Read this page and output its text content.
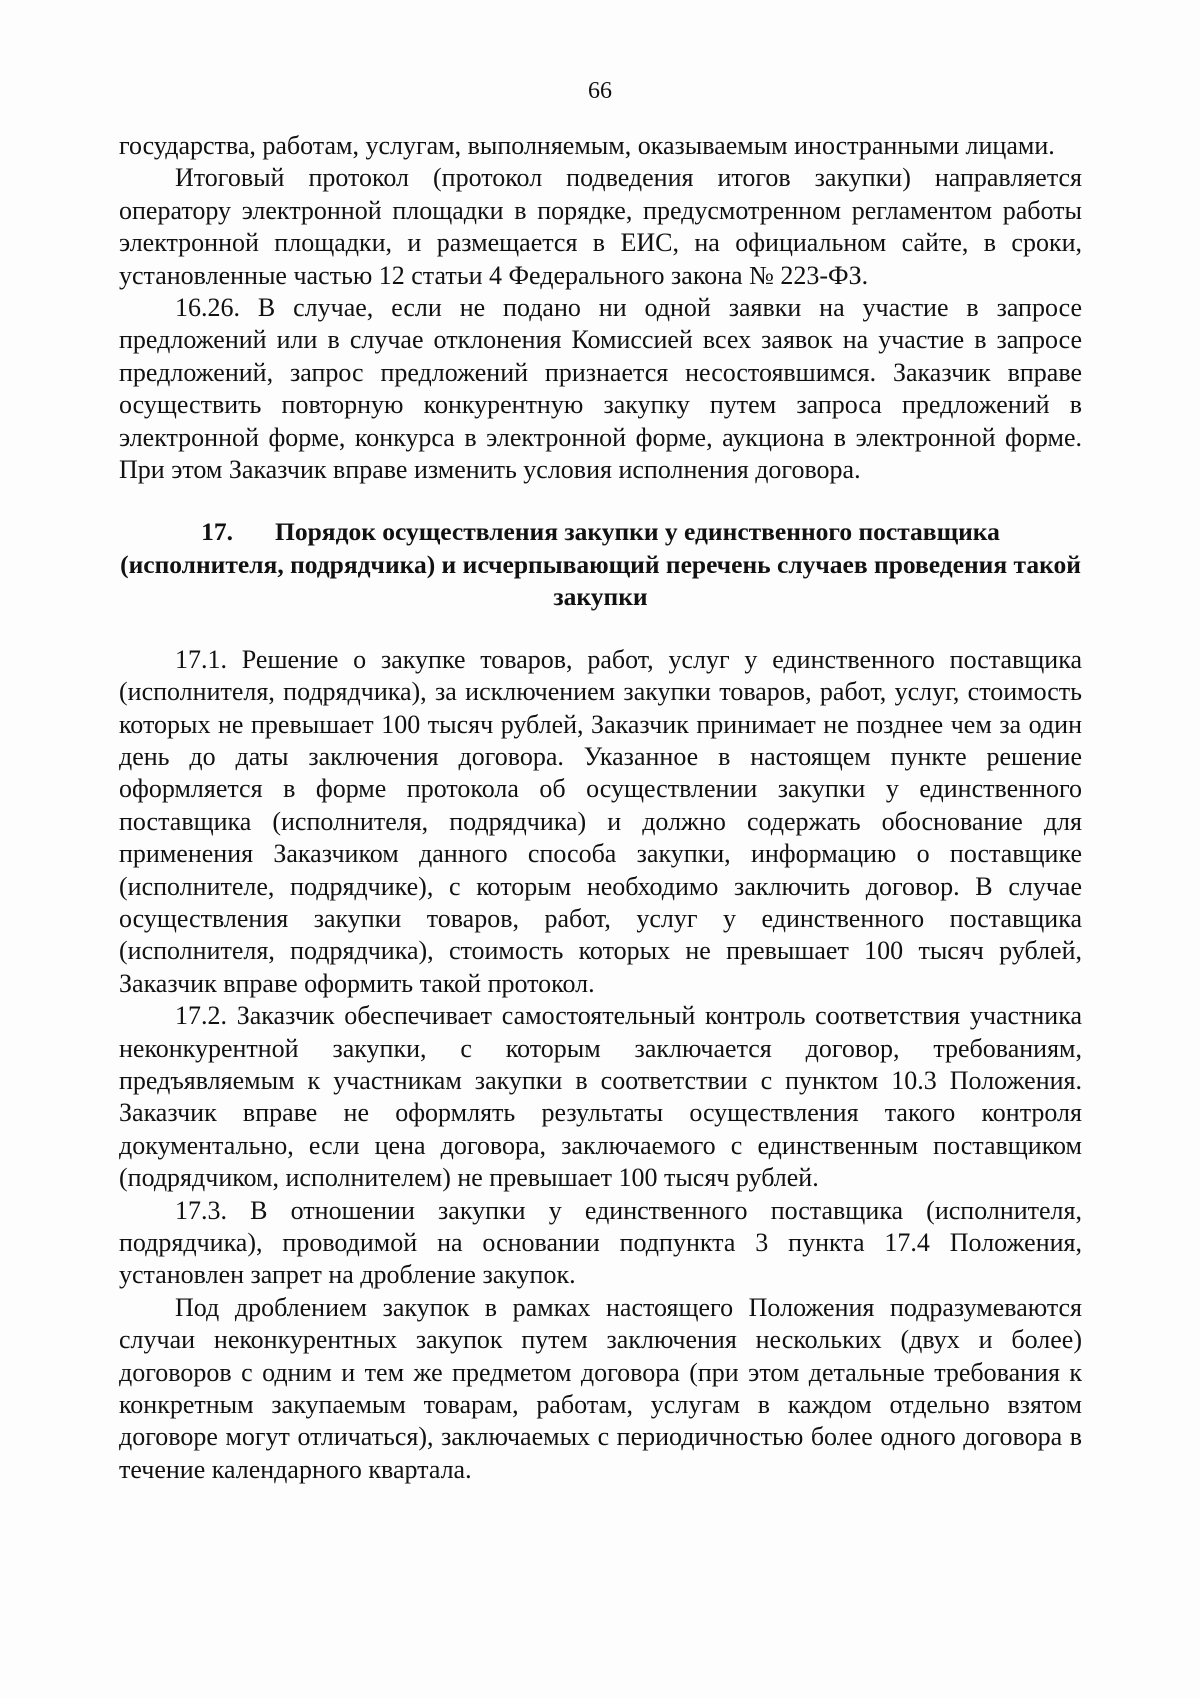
66

государства, работам, услугам, выполняемым, оказываемым иностранными лицами.

Итоговый протокол (протокол подведения итогов закупки) направляется оператору электронной площадки в порядке, предусмотренном регламентом работы электронной площадки, и размещается в ЕИС, на официальном сайте, в сроки, установленные частью 12 статьи 4 Федерального закона № 223-ФЗ.

16.26. В случае, если не подано ни одной заявки на участие в запросе предложений или в случае отклонения Комиссией всех заявок на участие в запросе предложений, запрос предложений признается несостоявшимся. Заказчик вправе осуществить повторную конкурентную закупку путем запроса предложений в электронной форме, конкурса в электронной форме, аукциона в электронной форме. При этом Заказчик вправе изменить условия исполнения договора.

17. Порядок осуществления закупки у единственного поставщика (исполнителя, подрядчика) и исчерпывающий перечень случаев проведения такой закупки

17.1. Решение о закупке товаров, работ, услуг у единственного поставщика (исполнителя, подрядчика), за исключением закупки товаров, работ, услуг, стоимость которых не превышает 100 тысяч рублей, Заказчик принимает не позднее чем за один день до даты заключения договора. Указанное в настоящем пункте решение оформляется в форме протокола об осуществлении закупки у единственного поставщика (исполнителя, подрядчика) и должно содержать обоснование для применения Заказчиком данного способа закупки, информацию о поставщике (исполнителе, подрядчике), с которым необходимо заключить договор. В случае осуществления закупки товаров, работ, услуг у единственного поставщика (исполнителя, подрядчика), стоимость которых не превышает 100 тысяч рублей, Заказчик вправе оформить такой протокол.

17.2. Заказчик обеспечивает самостоятельный контроль соответствия участника неконкурентной закупки, с которым заключается договор, требованиям, предъявляемым к участникам закупки в соответствии с пунктом 10.3 Положения. Заказчик вправе не оформлять результаты осуществления такого контроля документально, если цена договора, заключаемого с единственным поставщиком (подрядчиком, исполнителем) не превышает 100 тысяч рублей.

17.3. В отношении закупки у единственного поставщика (исполнителя, подрядчика), проводимой на основании подпункта 3 пункта 17.4 Положения, установлен запрет на дробление закупок.

Под дроблением закупок в рамках настоящего Положения подразумеваются случаи неконкурентных закупок путем заключения нескольких (двух и более) договоров с одним и тем же предметом договора (при этом детальные требования к конкретным закупаемым товарам, работам, услугам в каждом отдельно взятом договоре могут отличаться), заключаемых с периодичностью более одного договора в течение календарного квартала.
